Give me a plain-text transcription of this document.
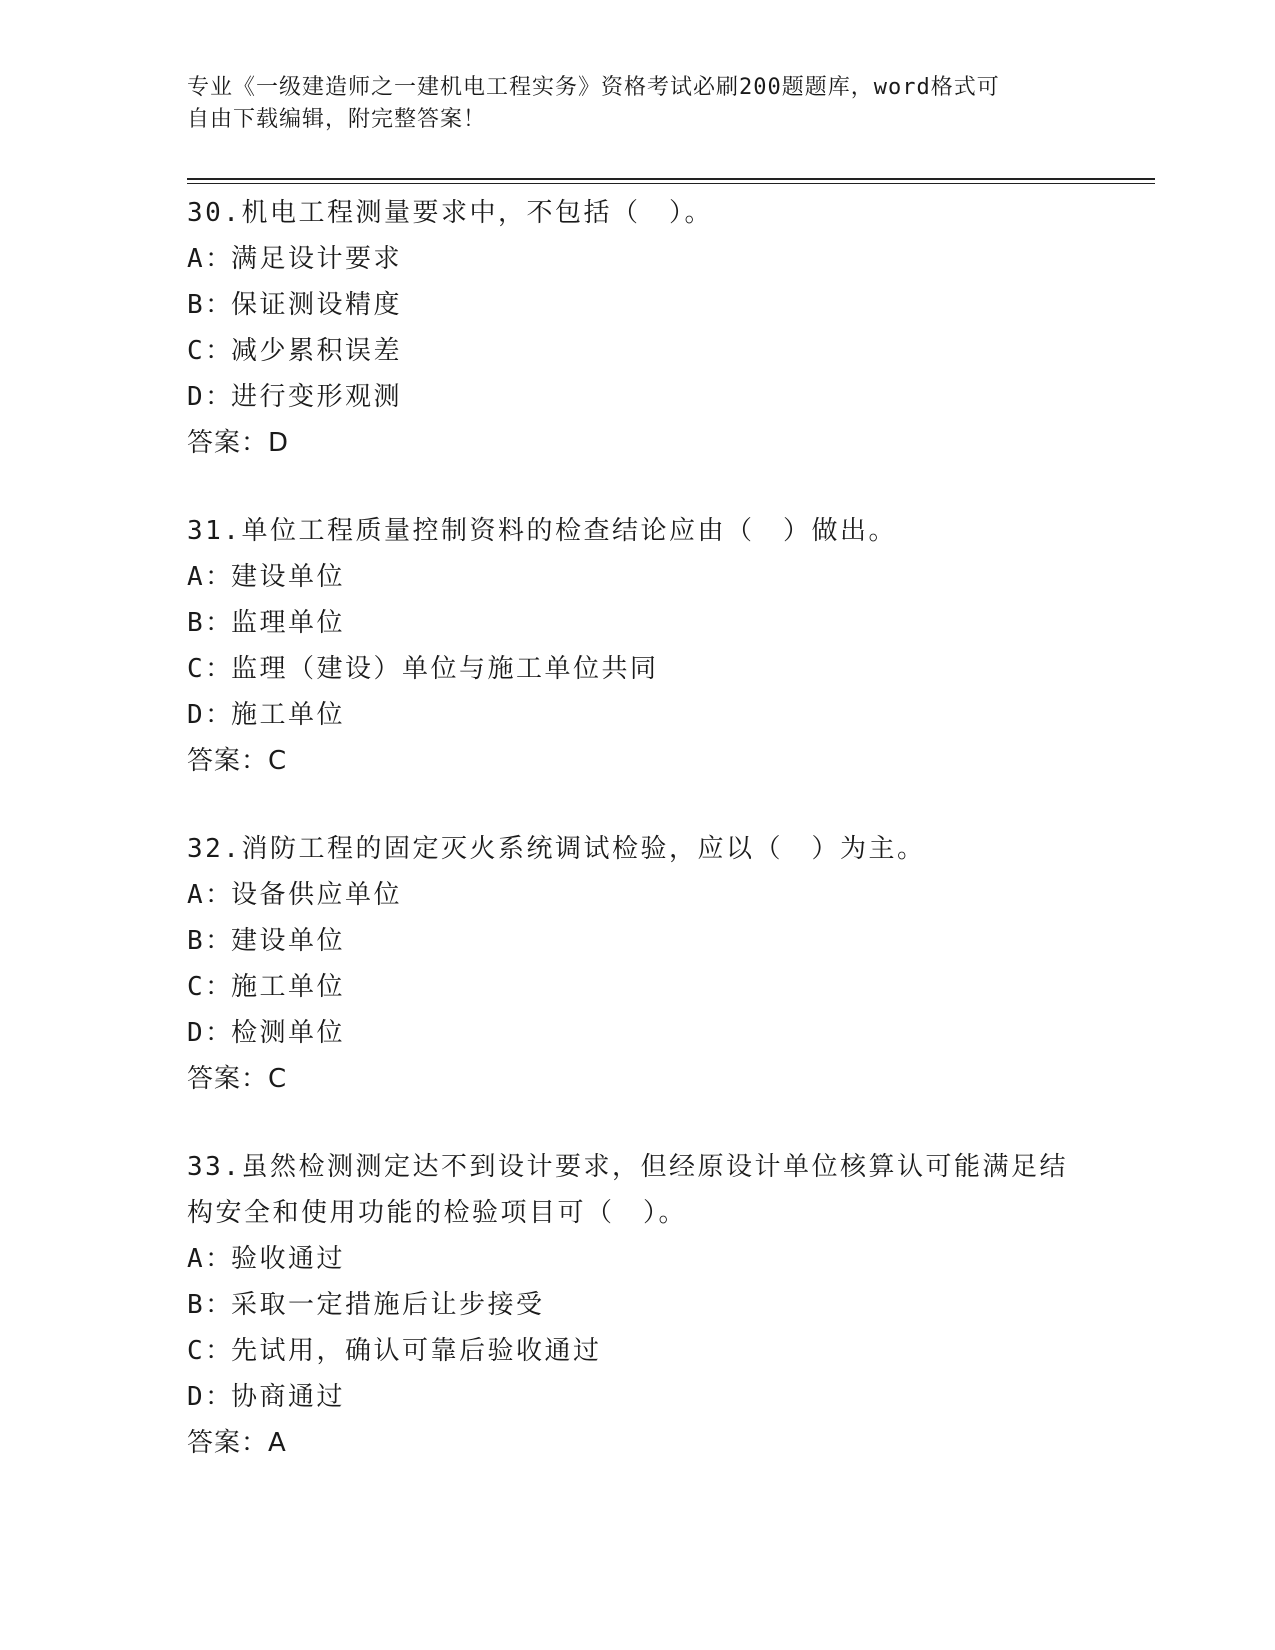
专业《一级建造师之一建机电工程实务》资格考试必刷200题题库，word格式可
自由下载编辑，附完整答案！
30.机电工程测量要求中，不包括（　）。
A：满足设计要求
B：保证测设精度
C：减少累积误差
D：进行变形观测
答案：D
31.单位工程质量控制资料的检查结论应由（　）做出。
A：建设单位
B：监理单位
C：监理（建设）单位与施工单位共同
D：施工单位
答案：C
32.消防工程的固定灭火系统调试检验，应以（　）为主。
A：设备供应单位
B：建设单位
C：施工单位
D：检测单位
答案：C
33.虽然检测测定达不到设计要求，但经原设计单位核算认可能满足结
构安全和使用功能的检验项目可（　）。
A：验收通过
B：采取一定措施后让步接受
C：先试用，确认可靠后验收通过
D：协商通过
答案：A
